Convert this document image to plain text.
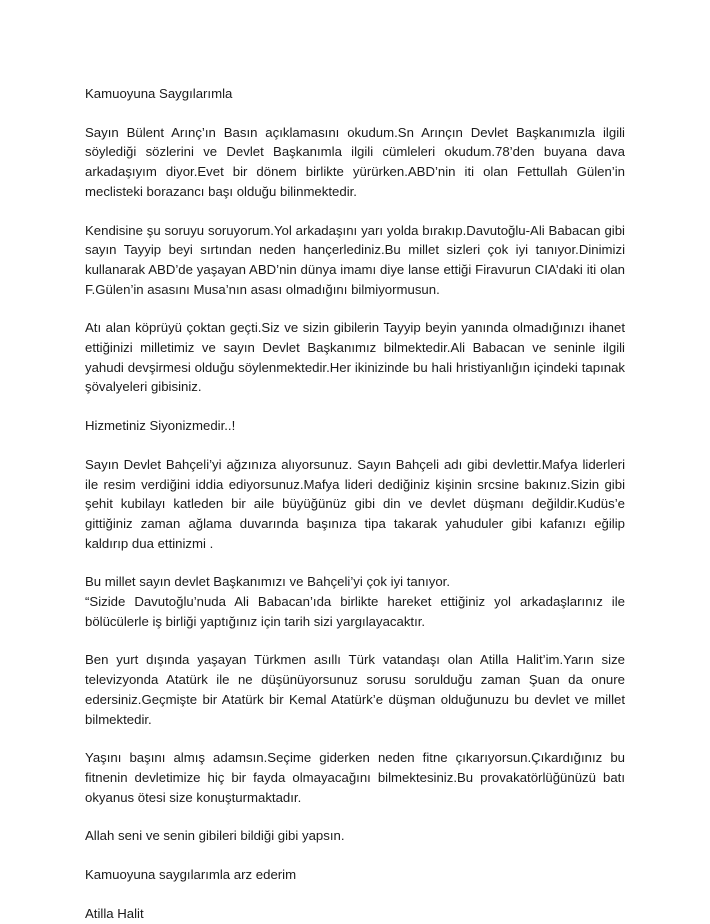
Kamuoyuna Saygılarımla

Sayın Bülent Arınç’ın Basın açıklamasını okudum.Sn Arınçın Devlet Başkanımızla ilgili söylediği sözlerini ve Devlet Başkanımla ilgili cümleleri okudum.78’den buyana dava arkadaşıyım diyor.Evet bir dönem birlikte yürürken.ABD’nin iti olan Fettullah Gülen’in meclisteki borazancı başı olduğu bilinmektedir.

Kendisine şu soruyu soruyorum.Yol arkadaşını yarı yolda bırakıp.Davutoğlu-Ali Babacan gibi sayın Tayyip beyi sırtından neden hançerlediniz.Bu millet sizleri çok iyi tanıyor.Dinimizi kullanarak ABD’de yaşayan ABD’nin dünya imamı diye lanse ettiği Firavurun CIA’daki iti olan F.Gülen’in asasını Musa’nın asası olmadığını bilmiyormusun.

Atı alan köprüyü çoktan geçti.Siz ve sizin gibilerin Tayyip beyin yanında olmadığınızı ihanet ettiğinizi milletimiz ve sayın Devlet Başkanımız bilmektedir.Ali Babacan ve seninle ilgili yahudi devşirmesi olduğu söylenmektedir.Her ikinizinde bu hali hristiyanlığın içindeki tapınak şövalyeleri gibisiniz.

Hizmetiniz Siyonizmedir..!

Sayın Devlet Bahçeli’yi ağzınıza alıyorsunuz. Sayın Bahçeli adı gibi devlettir.Mafya liderleri ile resim verdiğini iddia ediyorsunuz.Mafya lideri dediğiniz kişinin srcsine bakınız.Sizin gibi şehit kubilayı katleden bir aile büyüğünüz gibi din ve devlet düşmanı değildir.Kudüs’e gittiğiniz zaman ağlama duvarında başınıza tipa takarak yahuduler gibi kafanızı eğilip kaldırıp dua ettinizmi .

Bu millet sayın devlet Başkanımızı ve Bahçeli’yi çok iyi tanıyor.

“Sizide Davutoğlu’nuda Ali Babacan’ıda birlikte hareket ettiğiniz yol arkadaşlarınız ile bölücülerle iş birliği yaptığınız için tarih sizi yargılayacaktır.

Ben yurt dışında yaşayan Türkmen asıllı Türk vatandaşı olan Atilla Halit’im.Yarın size televizyonda Atatürk ile ne düşünüyorsunuz sorusu sorulduğu zaman Şuan da onure edersiniz.Geçmişte bir Atatürk bir Kemal Atatürk’e düşman olduğunuzu bu devlet ve millet bilmektedir.

Yaşını başını almış adamsın.Seçime giderken neden fitne çıkarıyorsun.Çıkardığınız bu fitnenin devletimize hiç bir fayda olmayacağını bilmektesiniz.Bu provakatörlüğünüzü batı okyanus ötesi size konuşturmaktadır.

Allah seni ve senin gibileri bildiği gibi yapsın.

Kamuoyuna saygılarımla arz ederim

Atilla Halit
